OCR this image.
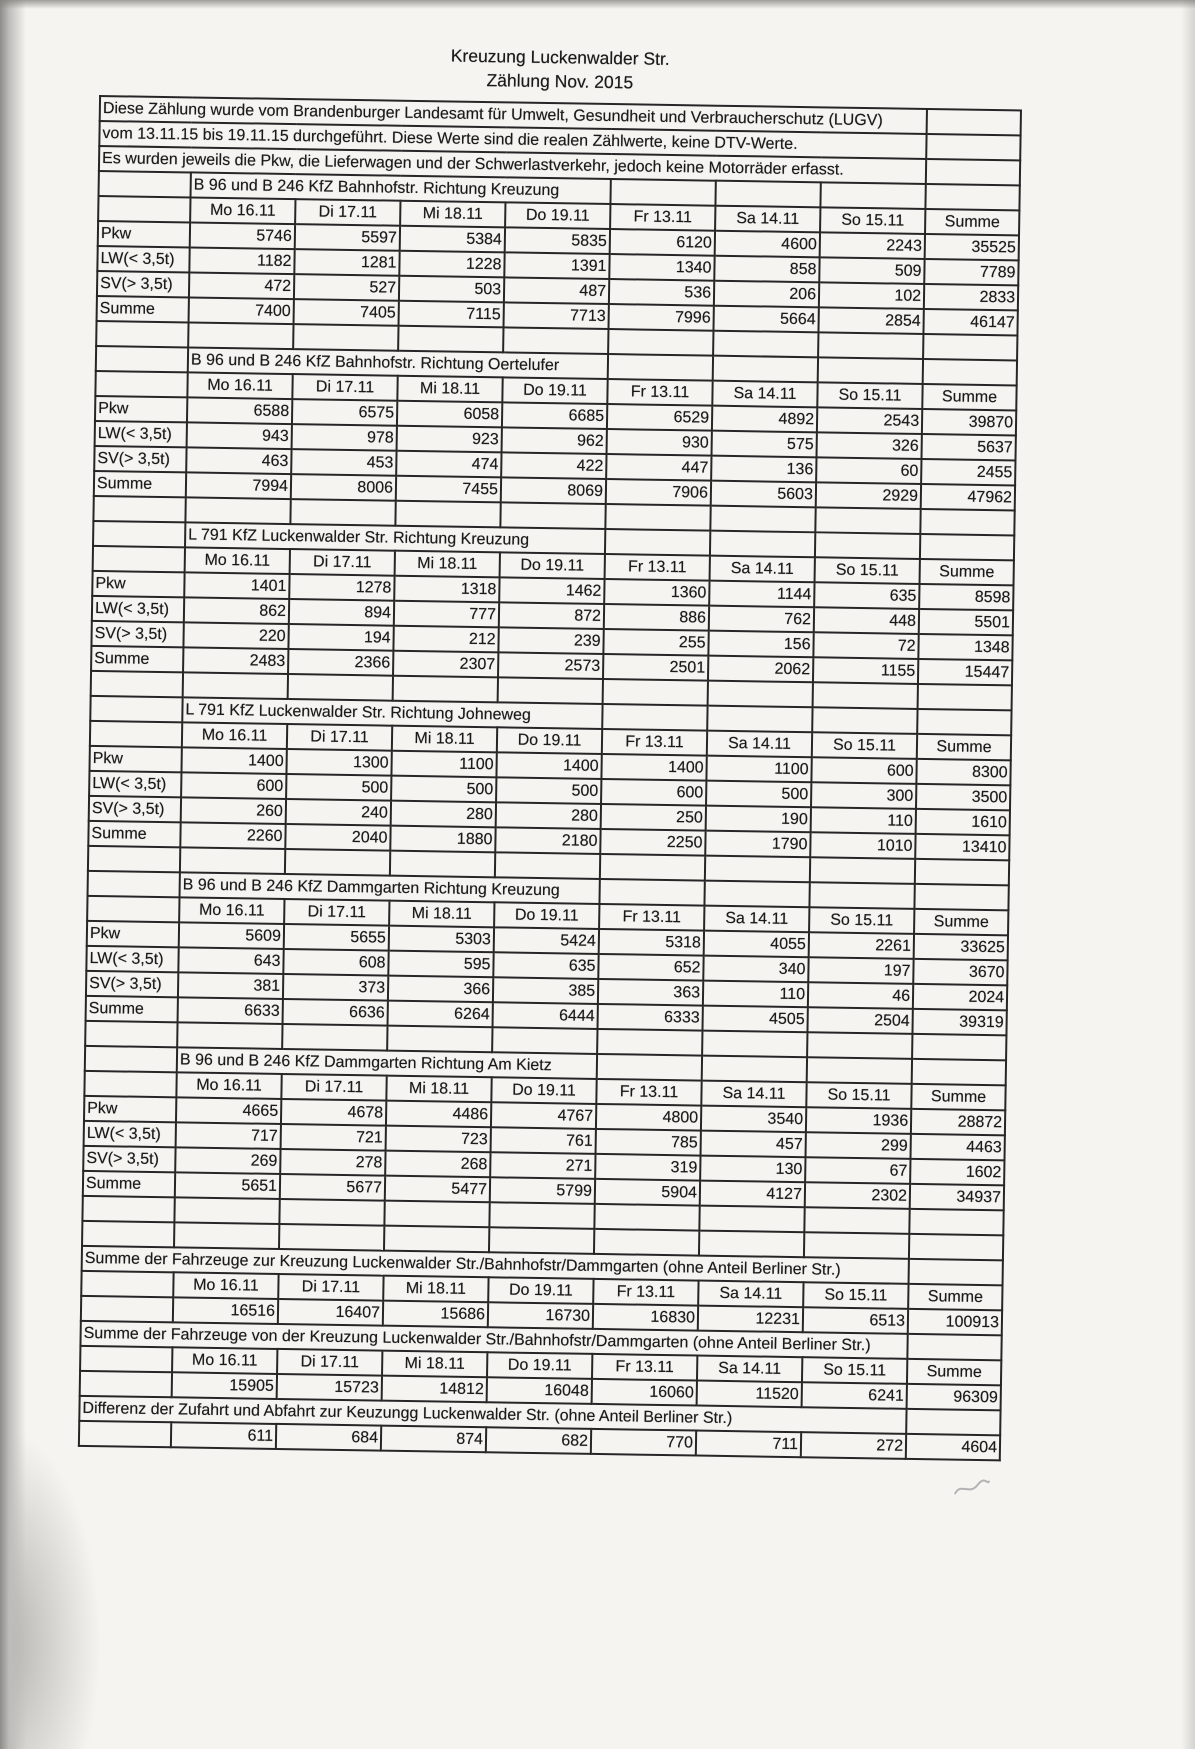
Kreuzung Luckenwalder Str.
Zählung Nov. 2015
Diese Zählung wurde vom Brandenburger Landesamt für Umwelt, Gesundheit und Verbraucherschutz (LUGV)								
vom 13.11.15 bis 19.11.15 durchgeführt. Diese Werte sind die realen Zählwerte, keine DTV-Werte.								
Es wurden jeweils die Pkw, die Lieferwagen und der Schwerlastverkehr, jedoch keine Motorräder erfasst.								
	B 96 und B 246 KfZ Bahnhofstr. Richtung Kreuzung							
	Mo 16.11	Di 17.11	Mi 18.11	Do 19.11	Fr 13.11	Sa 14.11	So 15.11	Summe
Pkw	5746	5597	5384	5835	6120	4600	2243	35525
LW(< 3,5t)	1182	1281	1228	1391	1340	858	509	7789
SV(> 3,5t)	472	527	503	487	536	206	102	2833
Summe	7400	7405	7115	7713	7996	5664	2854	46147

	B 96 und B 246 KfZ Bahnhofstr. Richtung Oertelufer							
	Mo 16.11	Di 17.11	Mi 18.11	Do 19.11	Fr 13.11	Sa 14.11	So 15.11	Summe
Pkw	6588	6575	6058	6685	6529	4892	2543	39870
LW(< 3,5t)	943	978	923	962	930	575	326	5637
SV(> 3,5t)	463	453	474	422	447	136	60	2455
Summe	7994	8006	7455	8069	7906	5603	2929	47962

	L 791 KfZ Luckenwalder Str. Richtung Kreuzung							
	Mo 16.11	Di 17.11	Mi 18.11	Do 19.11	Fr 13.11	Sa 14.11	So 15.11	Summe
Pkw	1401	1278	1318	1462	1360	1144	635	8598
LW(< 3,5t)	862	894	777	872	886	762	448	5501
SV(> 3,5t)	220	194	212	239	255	156	72	1348
Summe	2483	2366	2307	2573	2501	2062	1155	15447

	L 791 KfZ Luckenwalder Str. Richtung Johneweg							
	Mo 16.11	Di 17.11	Mi 18.11	Do 19.11	Fr 13.11	Sa 14.11	So 15.11	Summe
Pkw	1400	1300	1100	1400	1400	1100	600	8300
LW(< 3,5t)	600	500	500	500	600	500	300	3500
SV(> 3,5t)	260	240	280	280	250	190	110	1610
Summe	2260	2040	1880	2180	2250	1790	1010	13410

	B 96 und B 246 KfZ Dammgarten Richtung Kreuzung							
	Mo 16.11	Di 17.11	Mi 18.11	Do 19.11	Fr 13.11	Sa 14.11	So 15.11	Summe
Pkw	5609	5655	5303	5424	5318	4055	2261	33625
LW(< 3,5t)	643	608	595	635	652	340	197	3670
SV(> 3,5t)	381	373	366	385	363	110	46	2024
Summe	6633	6636	6264	6444	6333	4505	2504	39319

	B 96 und B 246 KfZ Dammgarten Richtung Am Kietz							
	Mo 16.11	Di 17.11	Mi 18.11	Do 19.11	Fr 13.11	Sa 14.11	So 15.11	Summe
Pkw	4665	4678	4486	4767	4800	3540	1936	28872
LW(< 3,5t)	717	721	723	761	785	457	299	4463
SV(> 3,5t)	269	278	268	271	319	130	67	1602
Summe	5651	5677	5477	5799	5904	4127	2302	34937

Summe der Fahrzeuge zur Kreuzung Luckenwalder Str./Bahnhofstr/Dammgarten (ohne Anteil Berliner Str.)								
	Mo 16.11	Di 17.11	Mi 18.11	Do 19.11	Fr 13.11	Sa 14.11	So 15.11	Summe
	16516	16407	15686	16730	16830	12231	6513	100913
Summe der Fahrzeuge von der Kreuzung Luckenwalder Str./Bahnhofstr/Dammgarten (ohne Anteil Berliner Str.)								
	Mo 16.11	Di 17.11	Mi 18.11	Do 19.11	Fr 13.11	Sa 14.11	So 15.11	Summe
	15905	15723	14812	16048	16060	11520	6241	96309
Differenz der Zufahrt und Abfahrt zur Keuzungg Luckenwalder Str. (ohne Anteil Berliner Str.)								
	611	684	874	682	770	711	272	4604
